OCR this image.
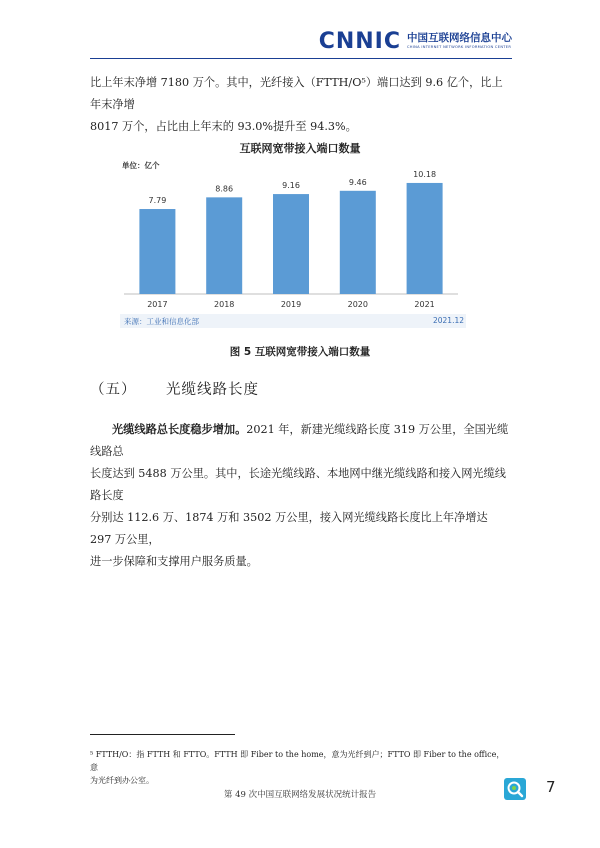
CNNIC 中国互联网络信息中心
CHINA INTERNET NETWORK INFORMATION CENTER
比上年末净增 7180 万个。其中，光纤接入（FTTH/O⁵）端口达到 9.6 亿个，比上年末净增
8017 万个，占比由上年末的 93.0%提升至 94.3%。
互联网宽带接入端口数量
单位：亿个
7.79
2017
8.86
2018
9.16
2019
9.46
2020
10.18
2021
来源：工业和信息化部	2021.12
图 5 互联网宽带接入端口数量
（五） 光缆线路长度
光缆线路总长度稳步增加。2021 年，新建光缆线路长度 319 万公里，全国光缆线路总
长度达到 5488 万公里。其中，长途光缆线路、本地网中继光缆线路和接入网光缆线路长度
分别达 112.6 万、1874 万和 3502 万公里，接入网光缆线路长度比上年净增达 297 万公里，
进一步保障和支撑用户服务质量。
⁵ FTTH/O：指 FTTH 和 FTTO。FTTH 即 Fiber to the home，意为光纤到户；FTTO 即 Fiber to the office，意
为光纤到办公室。
第 49 次中国互联网络发展状况统计报告	7
